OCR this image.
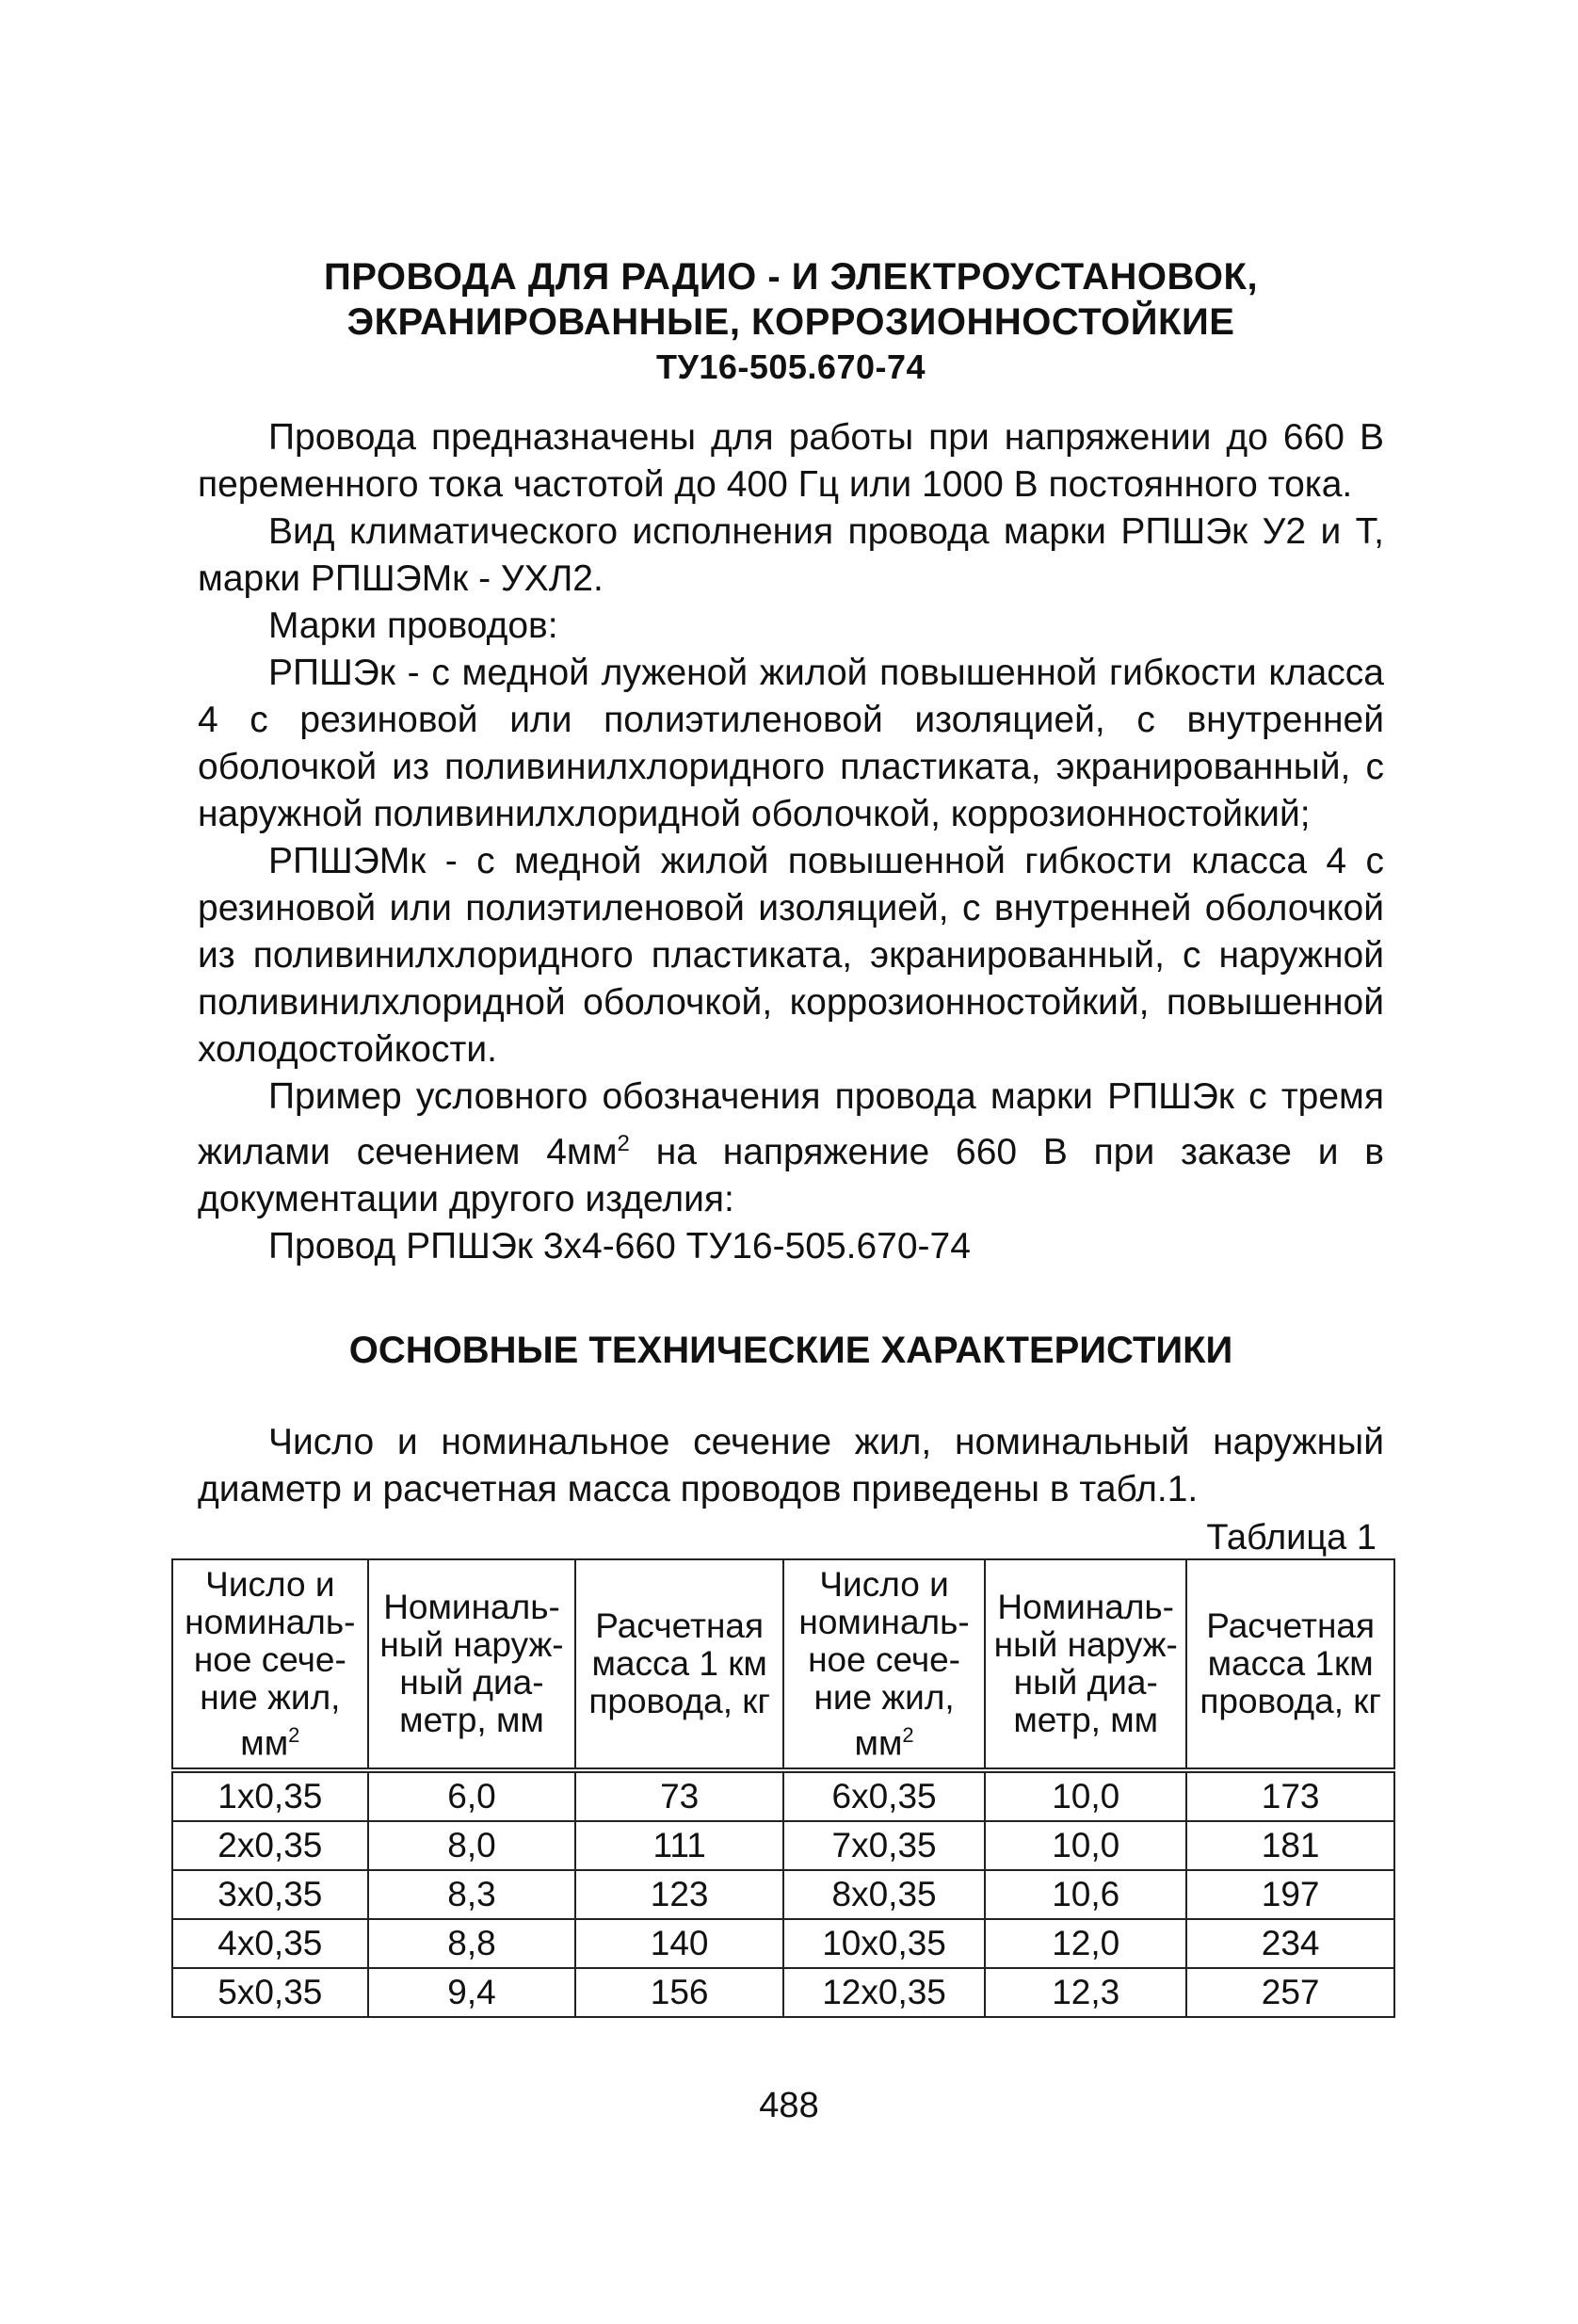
ПРОВОДА ДЛЯ РАДИО - И ЭЛЕКТРОУСТАНОВОК,
ЭКРАНИРОВАННЫЕ, КОРРОЗИОННОСТОЙКИЕ
ТУ16-505.670-74

Провода предназначены для работы при напряжении до 660 В переменного тока частотой до 400 Гц или 1000 В постоянного тока.

Вид климатического исполнения провода марки РПШЭк У2 и Т, марки РПШЭМк - УХЛ2.

Марки проводов:

РПШЭк - с медной луженой жилой повышенной гибкости класса 4 с резиновой или полиэтиленовой изоляцией, с внутренней оболочкой из поливинилхлоридного пластиката, экранированный, с наружной поливинилхлоридной оболочкой, коррозионностойкий;

РПШЭМк - с медной жилой повышенной гибкости класса 4 с резиновой или полиэтиленовой изоляцией, с внутренней оболочкой из поливинилхлоридного пластиката, экранированный, с наружной поливинилхлоридной оболочкой, коррозионностойкий, повышенной холодостойкости.

Пример условного обозначения провода марки РПШЭк с тремя жилами сечением $4мм^2$ на напряжение 660 В при заказе и в документации другого изделия:

Провод РПШЭк 3х4-660 ТУ16-505.670-74

ОСНОВНЫЕ ТЕХНИЧЕСКИЕ ХАРАКТЕРИСТИКИ

Число и номинальное сечение жил, номинальный наружный диаметр и расчетная масса проводов приведены в табл.1.

Таблица 1
Число и номиналь-ное сече-ние жил, $мм^2$	Номиналь-ный наруж-ный диа-метр, мм	Расчетная масса 1 км провода, кг	Число и номиналь-ное сече-ние жил, $мм^2$	Номиналь-ный наруж-ный диа-метр, мм	Расчетная масса 1км провода, кг
1х0,35	6,0	73	6х0,35	10,0	173
2х0,35	8,0	111	7х0,35	10,0	181
3х0,35	8,3	123	8х0,35	10,6	197
4х0,35	8,8	140	10х0,35	12,0	234
5х0,35	9,4	156	12х0,35	12,3	257
488
